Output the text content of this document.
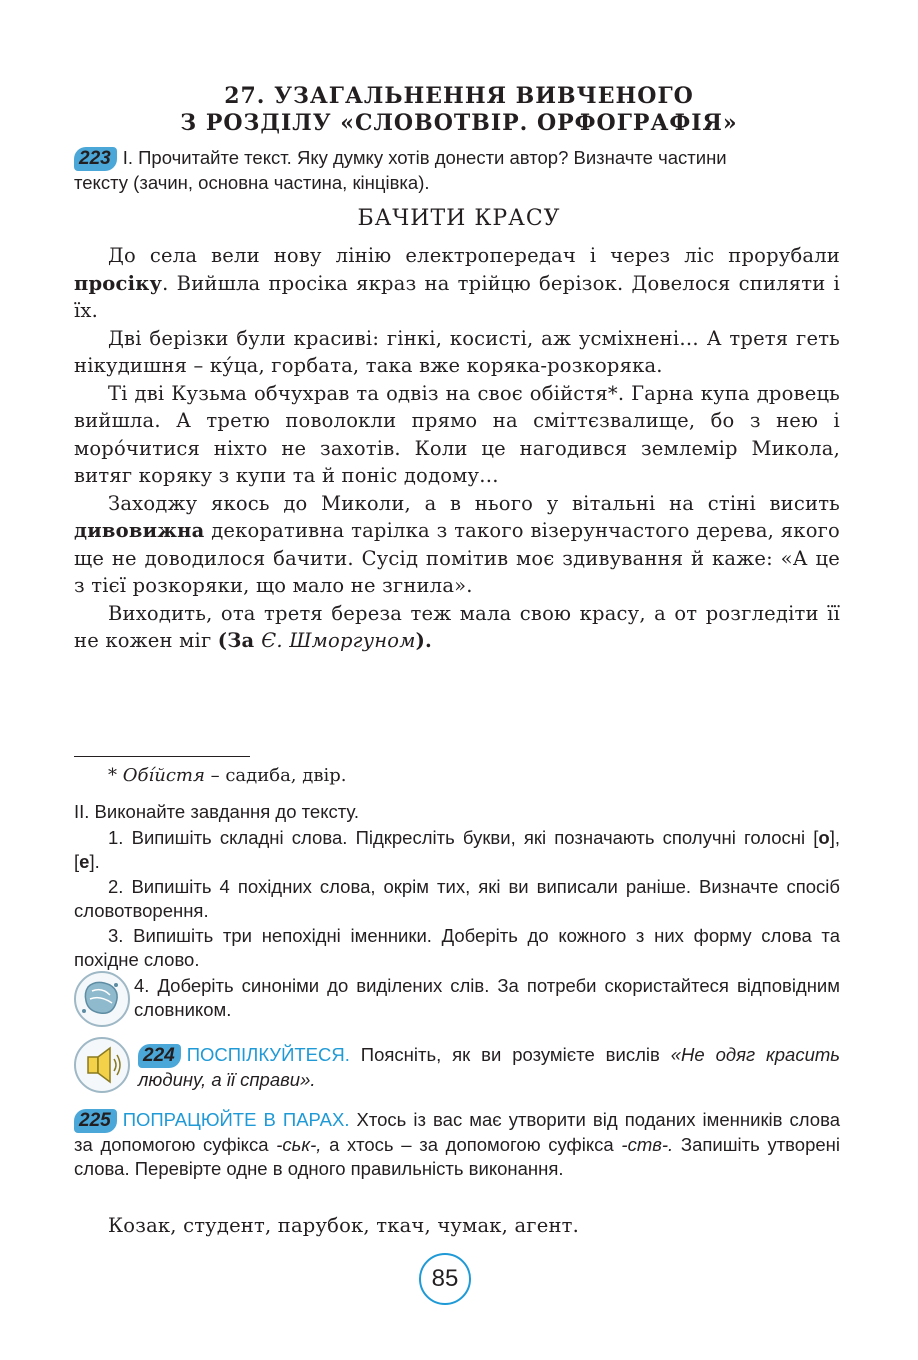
27. УЗАГАЛЬНЕННЯ ВИВЧЕНОГО
З РОЗДІЛУ «СЛОВОТВІР. ОРФОГРАФІЯ»
223 І. Прочитайте текст. Яку думку хотів донести автор? Визначте частини
тексту (зачин, основна частина, кінцівка).
БАЧИТИ КРАСУ

До села вели нову лінію електропередач і через ліс прорубали просіку. Вийшла просіка якраз на трійцю берізок. Довелося спиляти і їх.

Дві берізки були красиві: гінкі, косисті, аж усміхнені… А третя геть нікудишня – ку́ца, горбата, така вже коряка-розкоряка.

Ті дві Кузьма обчухрав та одвіз на своє обійстя*. Гарна купа дровець вийшла. А третю поволокли прямо на сміттєзвалище, бо з нею і моро́читися ніхто не захотів. Коли це нагодився землемір Микола, витяг коряку з купи та й поніс додому…

Заходжу якось до Миколи, а в нього у вітальні на стіні висить дивовижна декоративна тарілка з такого візерунчастого дерева, якого ще не доводилося бачити. Сусід помітив моє здивування й каже: «А це з тієї розкоряки, що мало не згнила».

Виходить, ота третя береза теж мала свою красу, а от розгледіти її не кожен міг (За Є. Шморгуном).

* Обі́йстя – садиба, двір.
ІІ. Виконайте завдання до тексту.
1. Випишіть складні слова. Підкресліть букви, які позначають сполучні голосні [о], [е].
2. Випишіть 4 похідних слова, окрім тих, які ви виписали раніше. Визначте спосіб словотворення.
3. Випишіть три непохідні іменники. Доберіть до кожного з них форму слова та похідне слово.
4. Доберіть синоніми до виділених слів. За потреби скористайтеся відповідним словником.
224 ПОСПІЛКУЙТЕСЯ. Поясніть, як ви розумієте вислів «Не одяг красить людину, а її справи».
225 ПОПРАЦЮЙТЕ В ПАРАХ. Хтось із вас має утворити від поданих іменників слова за допомогою суфікса -ськ-, а хтось – за допомогою суфікса -ств-. Запишіть утворені слова. Перевірте одне в одного правильність виконання.
Козак, студент, парубок, ткач, чумак, агент.
85
